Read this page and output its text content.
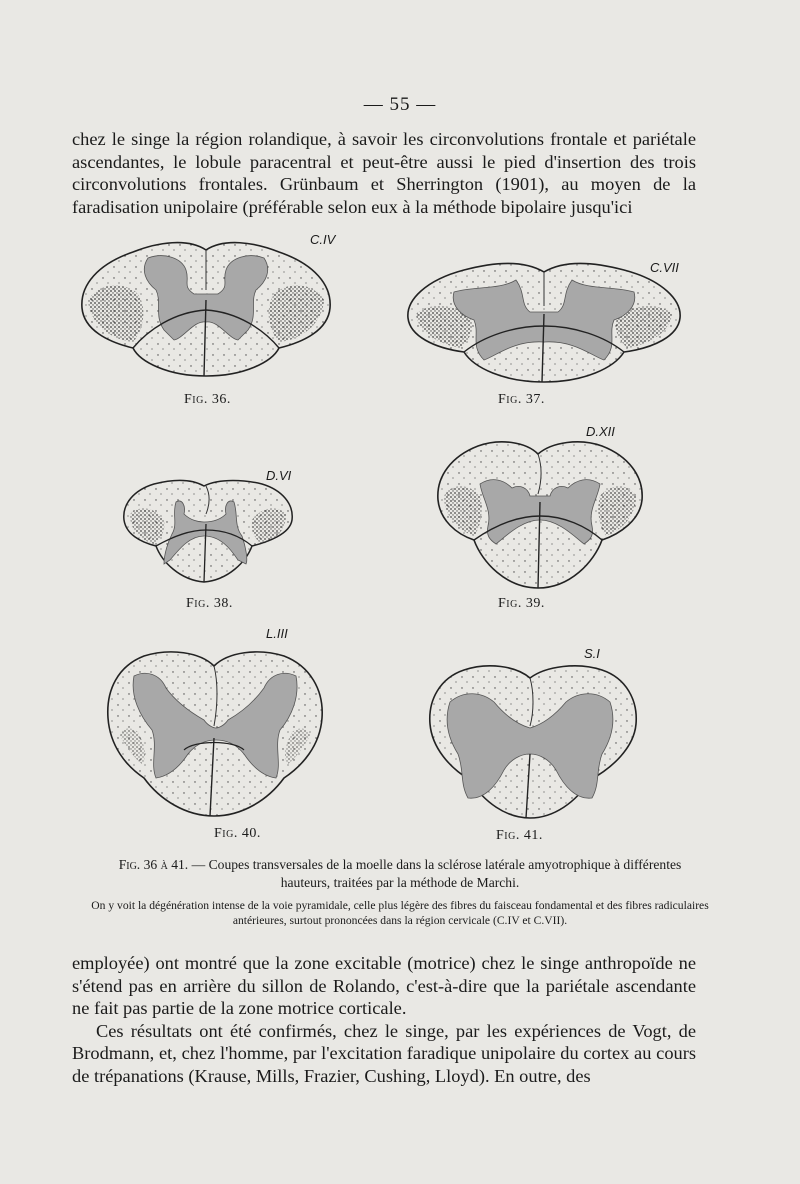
— 55 —

chez le singe la région rolandique, à savoir les circonvolutions frontale et pariétale ascendantes, le lobule paracentral et peut-être aussi le pied d'insertion des trois circonvolutions frontales. Grünbaum et Sherrington (1901), au moyen de la faradisation unipolaire (préférable selon eux à la méthode bipolaire jusqu'ici

C.IV
Fig. 36.
C.VII
Fig. 37.
D.VI
Fig. 38.
D.XII
Fig. 39.
L.III
Fig. 40.
S.I
Fig. 41.
Fig. 36 à 41. — Coupes transversales de la moelle dans la sclérose latérale amyotrophique à différentes hauteurs, traitées par la méthode de Marchi.
On y voit la dégénération intense de la voie pyramidale, celle plus légère des fibres du faisceau fondamental et des fibres radiculaires antérieures, surtout prononcées dans la région cervicale (C.IV et C.VII).
employée) ont montré que la zone excitable (motrice) chez le singe anthropoïde ne s'étend pas en arrière du sillon de Rolando, c'est-à-dire que la pariétale ascendante ne fait pas partie de la zone motrice corticale.
Ces résultats ont été confirmés, chez le singe, par les expériences de Vogt, de Brodmann, et, chez l'homme, par l'excitation faradique unipolaire du cortex au cours de trépanations (Krause, Mills, Frazier, Cushing, Lloyd). En outre, des
